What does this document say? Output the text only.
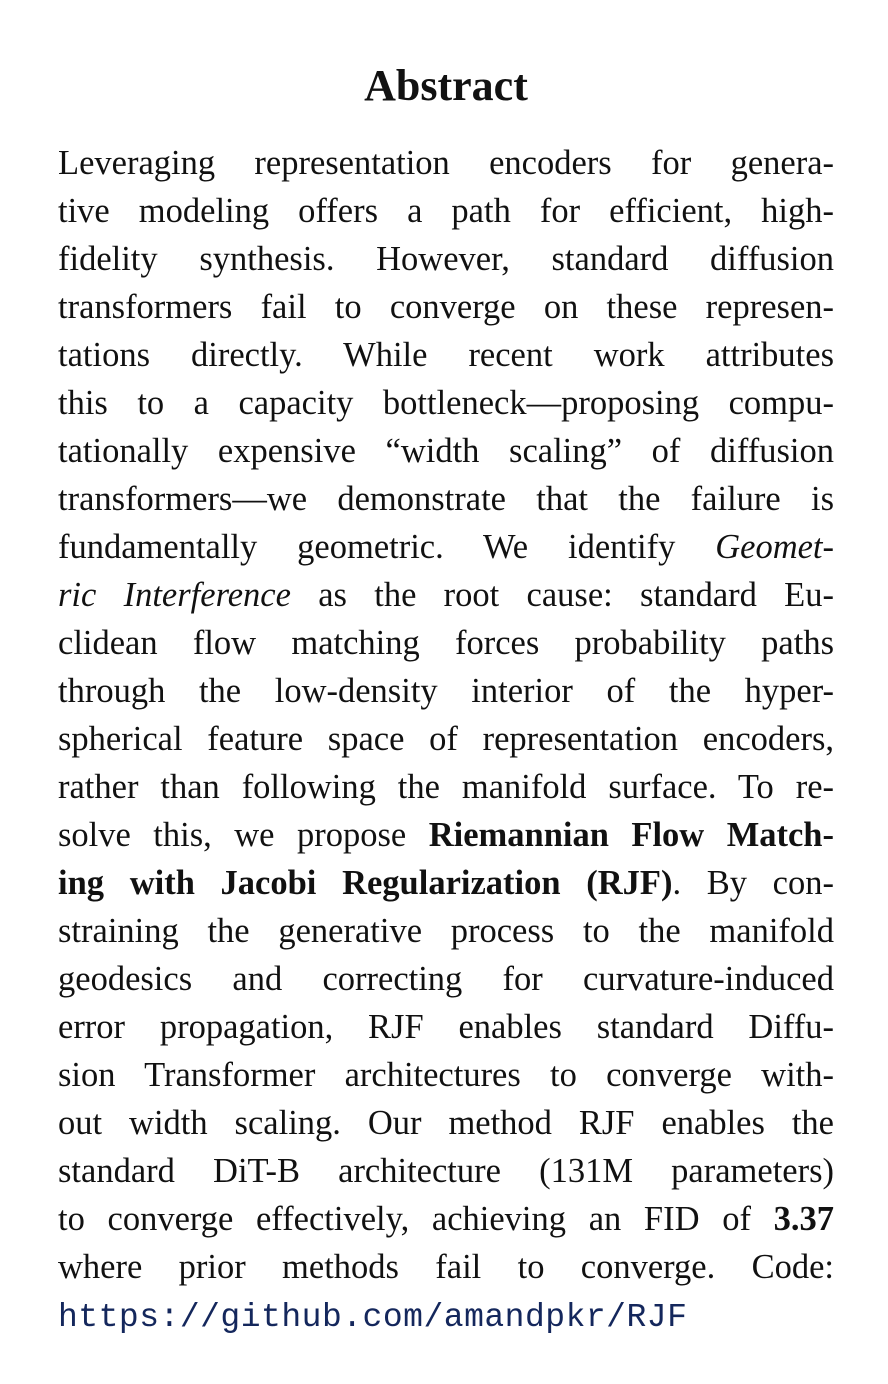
Abstract

Leveraging representation encoders for genera-
tive modeling offers a path for efficient, high-
fidelity synthesis. However, standard diffusion
transformers fail to converge on these represen-
tations directly. While recent work attributes
this to a capacity bottleneck—proposing compu-
tationally expensive “width scaling” of diffusion
transformers—we demonstrate that the failure is
fundamentally geometric. We identify Geomet-
ric Interference as the root cause: standard Eu-
clidean flow matching forces probability paths
through the low-density interior of the hyper-
spherical feature space of representation encoders,
rather than following the manifold surface. To re-
solve this, we propose Riemannian Flow Match-
ing with Jacobi Regularization (RJF). By con-
straining the generative process to the manifold
geodesics and correcting for curvature-induced
error propagation, RJF enables standard Diffu-
sion Transformer architectures to converge with-
out width scaling. Our method RJF enables the
standard DiT-B architecture (131M parameters)
to converge effectively, achieving an FID of 3.37
where prior methods fail to converge. Code:
https://github.com/amandpkr/RJF
